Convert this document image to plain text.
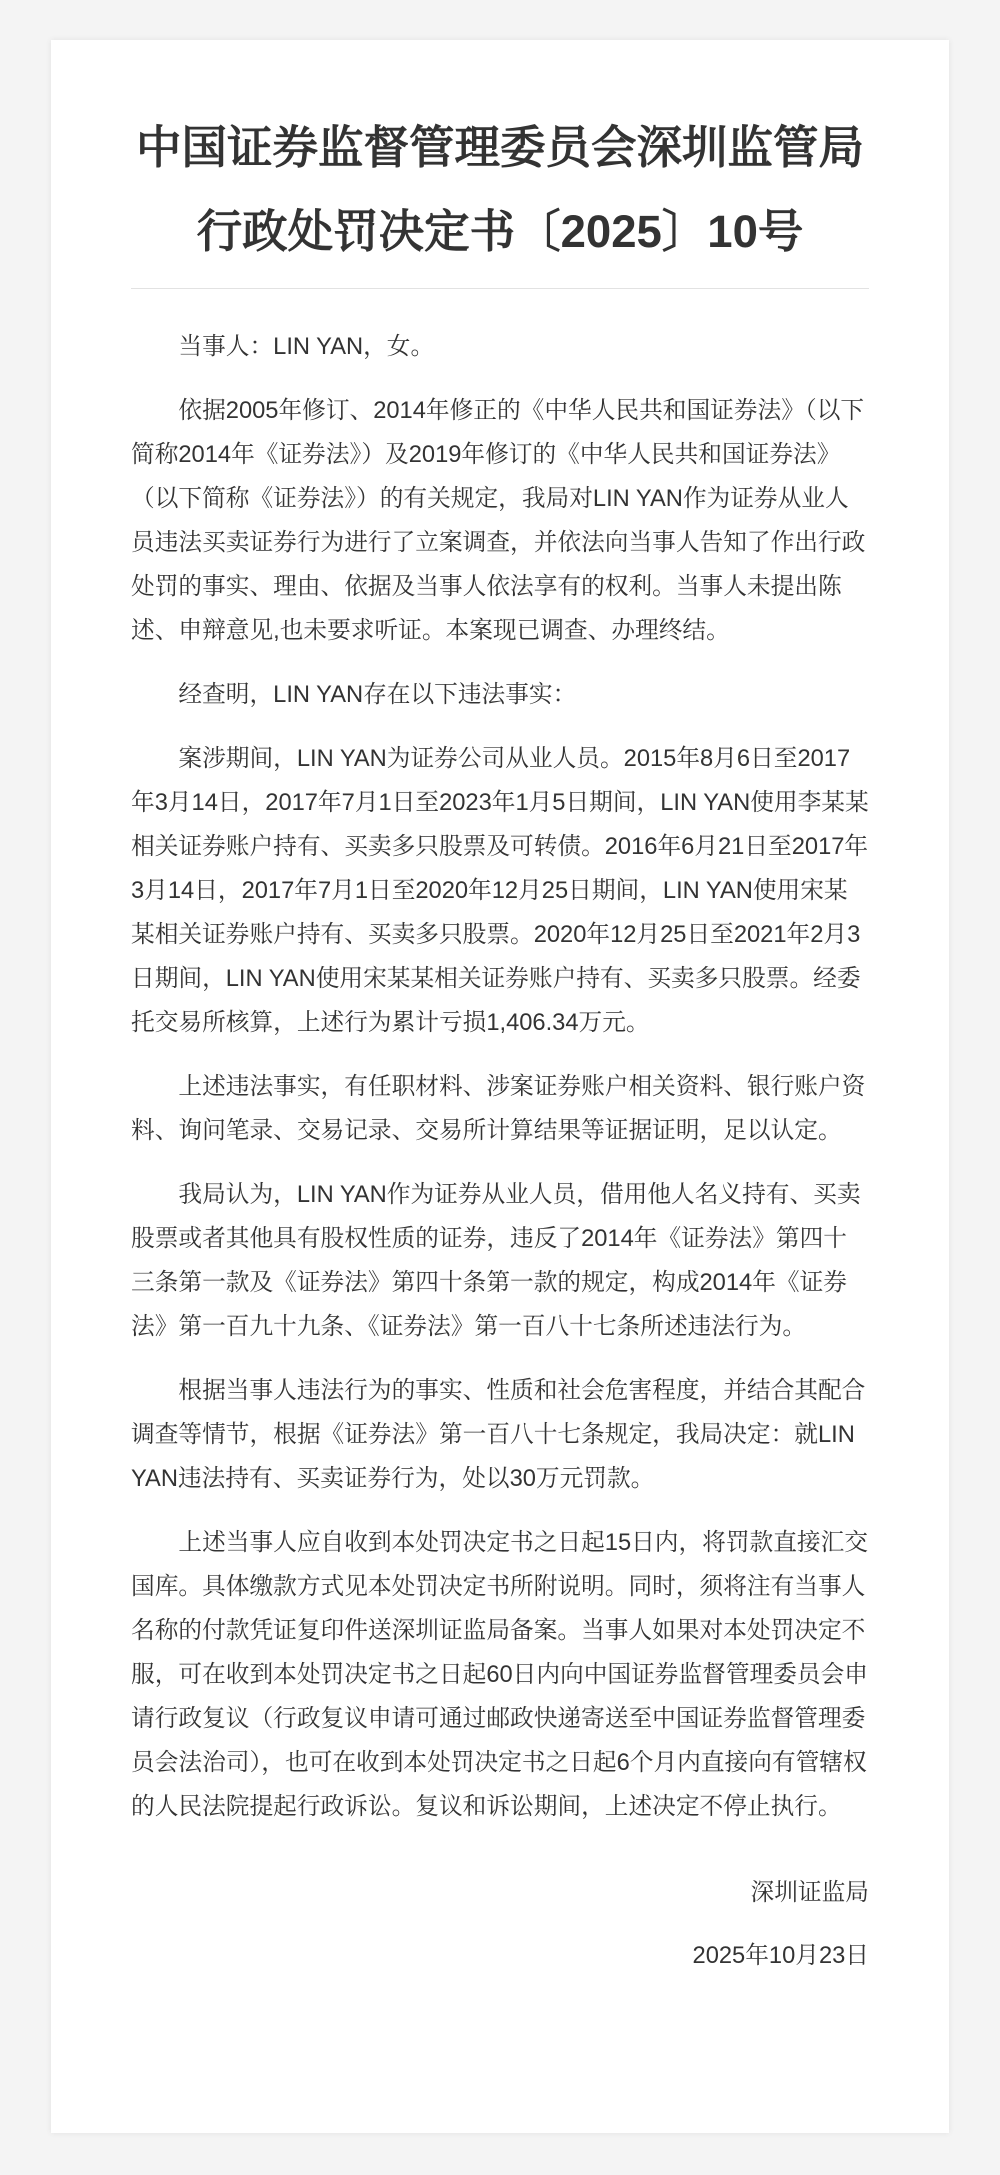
中国证券监督管理委员会深圳监管局
行政处罚决定书〔2025〕10号

当事人：LIN YAN，女。

依据2005年修订、2014年修正的《中华人民共和国证券法》（以下简称2014年《证券法》）及2019年修订的《中华人民共和国证券法》（以下简称《证券法》）的有关规定，我局对LIN YAN作为证券从业人员违法买卖证券行为进行了立案调查，并依法向当事人告知了作出行政处罚的事实、理由、依据及当事人依法享有的权利。当事人未提出陈述、申辩意见,也未要求听证。本案现已调查、办理终结。

经查明，LIN YAN存在以下违法事实：

案涉期间，LIN YAN为证券公司从业人员。2015年8月6日至2017年3月14日，2017年7月1日至2023年1月5日期间，LIN YAN使用李某某相关证券账户持有、买卖多只股票及可转债。2016年6月21日至2017年3月14日，2017年7月1日至2020年12月25日期间，LIN YAN使用宋某某相关证券账户持有、买卖多只股票。2020年12月25日至2021年2月3日期间，LIN YAN使用宋某某相关证券账户持有、买卖多只股票。经委托交易所核算，上述行为累计亏损1,406.34万元。

上述违法事实，有任职材料、涉案证券账户相关资料、银行账户资料、询问笔录、交易记录、交易所计算结果等证据证明，足以认定。

我局认为，LIN YAN作为证券从业人员，借用他人名义持有、买卖股票或者其他具有股权性质的证券，违反了2014年《证券法》第四十三条第一款及《证券法》第四十条第一款的规定，构成2014年《证券法》第一百九十九条、《证券法》第一百八十七条所述违法行为。

根据当事人违法行为的事实、性质和社会危害程度，并结合其配合调查等情节，根据《证券法》第一百八十七条规定，我局决定：就LIN YAN违法持有、买卖证券行为，处以30万元罚款。

上述当事人应自收到本处罚决定书之日起15日内，将罚款直接汇交国库。具体缴款方式见本处罚决定书所附说明。同时，须将注有当事人名称的付款凭证复印件送深圳证监局备案。当事人如果对本处罚决定不服，可在收到本处罚决定书之日起60日内向中国证券监督管理委员会申请行政复议（行政复议申请可通过邮政快递寄送至中国证券监督管理委员会法治司），也可在收到本处罚决定书之日起6个月内直接向有管辖权的人民法院提起行政诉讼。复议和诉讼期间，上述决定不停止执行。

深圳证监局

2025年10月23日
